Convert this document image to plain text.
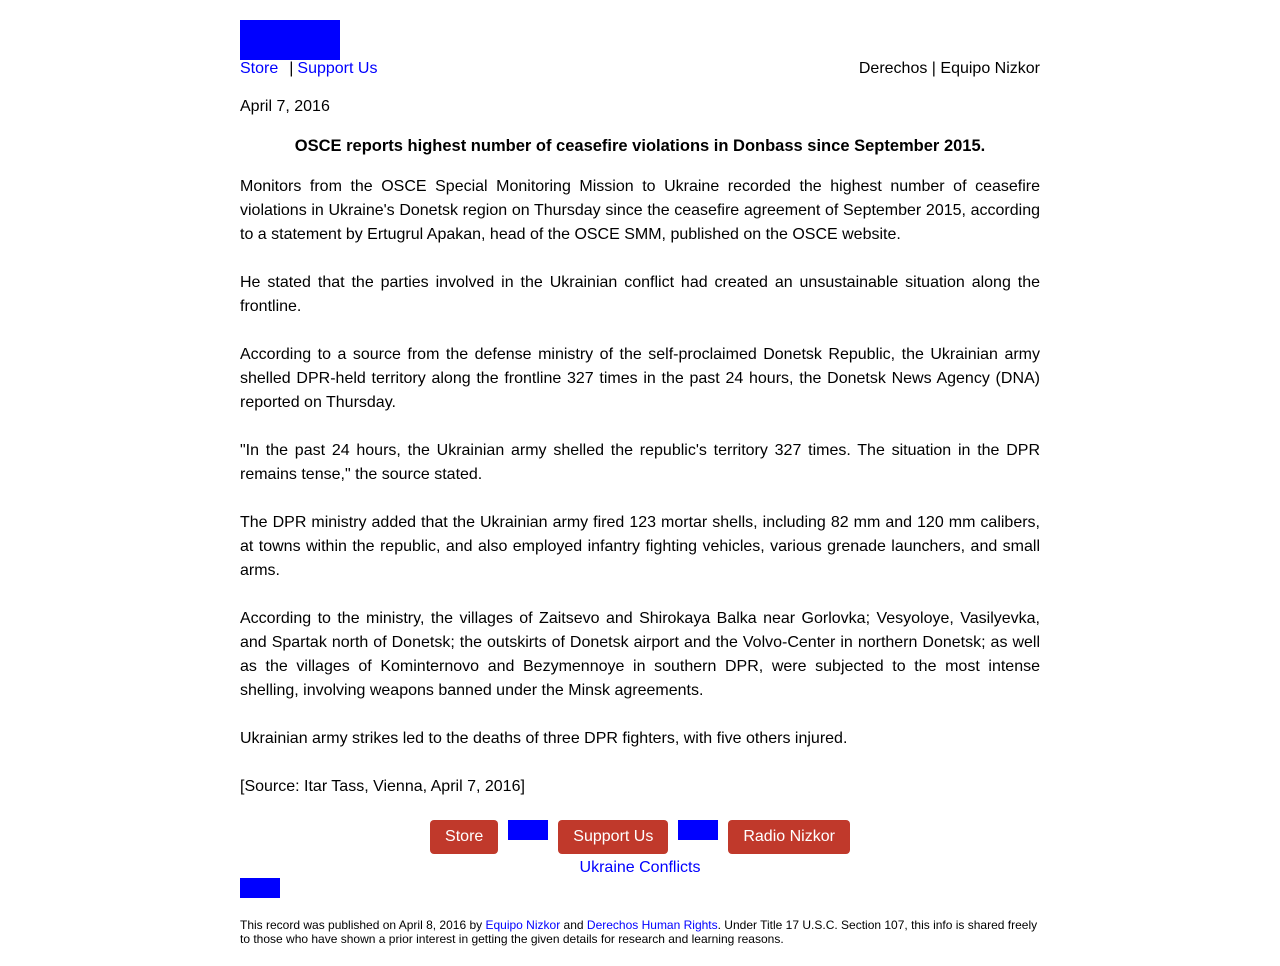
Store | Support Us	Derechos | Equipo Nizkor
April 7, 2016
OSCE reports highest number of ceasefire violations in Donbass since September 2015.

Monitors from the OSCE Special Monitoring Mission to Ukraine recorded the highest number of ceasefire violations in Ukraine's Donetsk region on Thursday since the ceasefire agreement of September 2015, according to a statement by Ertugrul Apakan, head of the OSCE SMM, published on the OSCE website.

He stated that the parties involved in the Ukrainian conflict had created an unsustainable situation along the frontline.

According to a source from the defense ministry of the self-proclaimed Donetsk Republic, the Ukrainian army shelled DPR-held territory along the frontline 327 times in the past 24 hours, the Donetsk News Agency (DNA) reported on Thursday.

"In the past 24 hours, the Ukrainian army shelled the republic's territory 327 times. The situation in the DPR remains tense," the source stated.

The DPR ministry added that the Ukrainian army fired 123 mortar shells, including 82 mm and 120 mm calibers, at towns within the republic, and also employed infantry fighting vehicles, various grenade launchers, and small arms.

According to the ministry, the villages of Zaitsevo and Shirokaya Balka near Gorlovka; Vesyoloye, Vasilyevka, and Spartak north of Donetsk; the outskirts of Donetsk airport and the Volvo-Center in northern Donetsk; as well as the villages of Kominternovo and Bezymennoye in southern DPR, were subjected to the most intense shelling, involving weapons banned under the Minsk agreements.

Ukrainian army strikes led to the deaths of three DPR fighters, with five others injured.

[Source: Itar Tass, Vienna, April 7, 2016]

Store	Support Us	Radio Nizkor
Ukraine Conflicts
This record was published on April 8, 2016 by Equipo Nizkor and Derechos Human Rights. Under Title 17 U.S.C. Section 107, this info is shared freely to those who have shown a prior interest in getting the given details for research and learning reasons.
